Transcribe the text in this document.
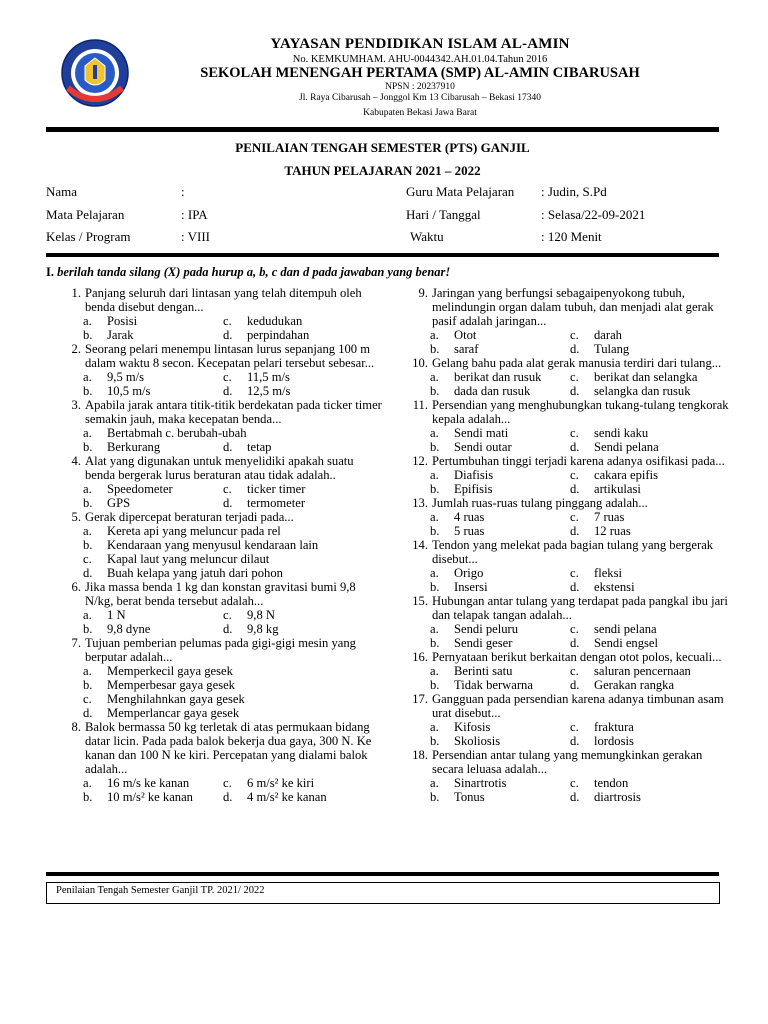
YAYASAN PENDIDIKAN ISLAM AL-AMIN
No. KEMKUMHAM. AHU-0044342.AH.01.04.Tahun 2016
SEKOLAH MENENGAH PERTAMA (SMP) AL-AMIN CIBARUSAH
NPSN : 20237910
Jl. Raya Cibarusah – Jonggol Km 13 Cibarusah – Bekasi 17340
Kabupaten Bekasi Jawa Barat
PENILAIAN TENGAH SEMESTER (PTS) GANJIL
TAHUN PELAJARAN 2021 – 2022
Nama	:	Guru Mata Pelajaran : Judin, S.Pd
Mata Pelajaran	: IPA	Hari / Tanggal	: Selasa/22-09-2021
Kelas / Program	: VIII	Waktu	: 120 Menit
I. berilah tanda silang (X) pada hurup a, b, c dan d pada jawaban yang benar!
1. Panjang seluruh dari lintasan yang telah ditempuh oleh benda disebut dengan...
a. Posisi	c. kedudukan
b. Jarak	d. perpindahan
2. Seorang pelari menempu lintasan lurus sepanjang 100 m dalam waktu 8 secon. Kecepatan pelari tersebut sebesar...
a. 9,5 m/s	c. 11,5 m/s
b. 10,5 m/s	d. 12,5 m/s
3. Apabila jarak antara titik-titik berdekatan pada ticker timer semakin jauh, maka kecepatan benda...
a. Bertabmah c. berubah-ubah
b. Berkurang	d. tetap
4. Alat yang digunakan untuk menyelidiki apakah suatu benda bergerak lurus beraturan atau tidak adalah..
a. Speedometer	c. ticker timer
b. GPS	d. termometer
5. Gerak dipercepat beraturan terjadi pada...
a. Kereta api yang meluncur pada rel
b. Kendaraan yang menyusul kendaraan lain
c. Kapal laut yang meluncur dilaut
d. Buah kelapa yang jatuh dari pohon
6. Jika massa benda 1 kg dan konstan gravitasi bumi 9,8 N/kg, berat benda tersebut adalah...
a. 1 N	c. 9,8 N
b. 9,8 dyne	d. 9,8 kg
7. Tujuan pemberian pelumas pada gigi-gigi mesin yang berputar adalah...
a. Memperkecil gaya gesek
b. Memperbesar gaya gesek
c. Menghilahnkan gaya gesek
d. Memperlancar gaya gesek
8. Balok bermassa 50 kg terletak di atas permukaan bidang datar licin. Pada pada balok bekerja dua gaya, 300 N. Ke kanan dan 100 N ke kiri. Percepatan yang dialami balok adalah...
a. 16 m/s ke kanan	c. 6 m/s² ke kiri
b. 10 m/s² ke kanan	d. 4 m/s² ke kanan
9. Jaringan yang berfungsi sebagaipenyokong tubuh, melindungin organ dalam tubuh, dan menjadi alat gerak pasif adalah jaringan...
a. Otot	c. darah
b. saraf	d. Tulang
10. Gelang bahu pada alat gerak manusia terdiri dari tulang...
a. berikat dan rusuk	c. berikat dan selangka
b. dada dan rusuk	d. selangka dan rusuk
11. Persendian yang menghubungkan tukang-tulang tengkorak kepala adalah...
a. Sendi mati	c. sendi kaku
b. Sendi outar	d. Sendi pelana
12. Pertumbuhan tinggi terjadi karena adanya osifikasi pada...
a. Diafisis	c. cakara epifis
b. Epifisis	d. artikulasi
13. Jumlah ruas-ruas tulang pinggang adalah...
a. 4 ruas	c. 7 ruas
b. 5 ruas	d. 12 ruas
14. Tendon yang melekat pada bagian tulang yang bergerak disebut...
a. Origo	c. fleksi
b. Insersi	d. ekstensi
15. Hubungan antar tulang yang terdapat pada pangkal ibu jari dan telapak tangan adalah...
a. Sendi peluru	c. sendi pelana
b. Sendi geser	d. Sendi engsel
16. Pernyataan berikut berkaitan dengan otot polos, kecuali...
a. Berinti satu	c. saluran pencernaan
b. Tidak berwarna	d. Gerakan rangka
17. Gangguan pada persendian karena adanya timbunan asam urat disebut...
a. Kifosis	c. fraktura
b. Skoliosis	d. lordosis
18. Persendian antar tulang yang memungkinkan gerakan secara leluasa adalah...
a. Sinartrotis	c. tendon
b. Tonus	d. diartrosis
Penilaian Tengah Semester Ganjil TP. 2021/ 2022
